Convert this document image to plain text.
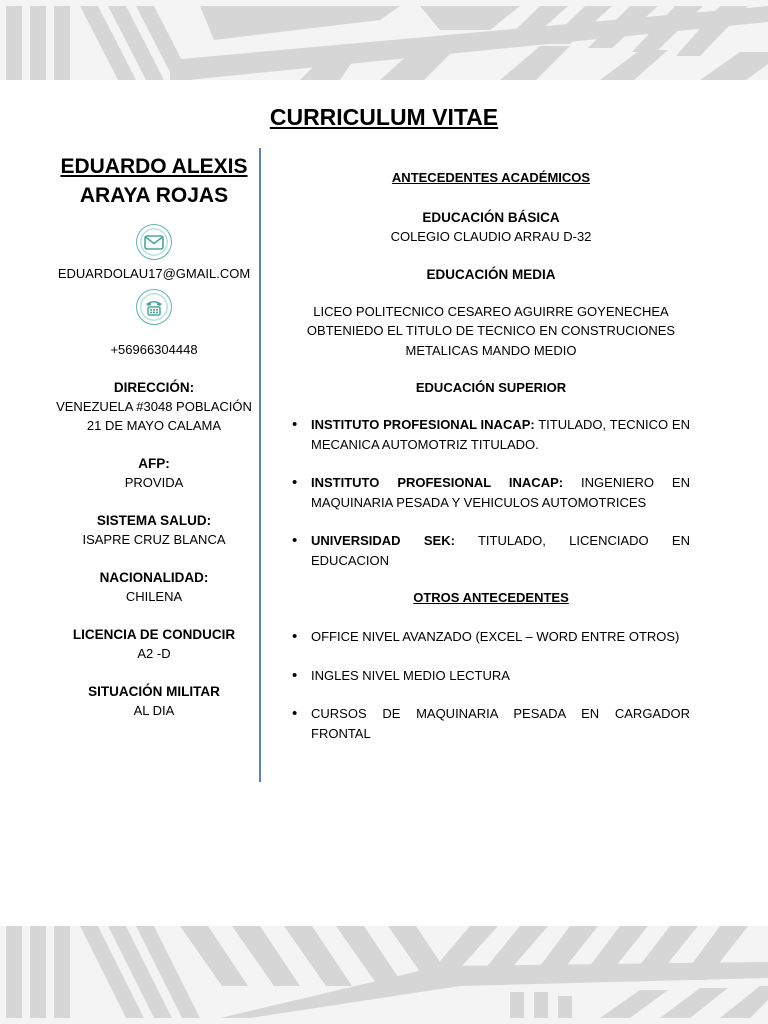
CURRICULUM VITAE
EDUARDO ALEXIS
ARAYA ROJAS
EDUARDOLAU17@GMAIL.COM
+56966304448
DIRECCIÓN:
VENEZUELA #3048 POBLACIÓN 21 DE MAYO CALAMA
AFP:
PROVIDA
SISTEMA SALUD:
ISAPRE CRUZ BLANCA
NACIONALIDAD:
CHILENA
LICENCIA DE CONDUCIR
A2 -D
SITUACIÓN MILITAR
AL DIA
ANTECEDENTES ACADÉMICOS
EDUCACIÓN BÁSICA
COLEGIO CLAUDIO ARRAU D-32
EDUCACIÓN MEDIA
LICEO POLITECNICO CESAREO AGUIRRE GOYENECHEA OBTENIEDO EL TITULO DE TECNICO EN CONSTRUCIONES METALICAS MANDO MEDIO
EDUCACIÓN SUPERIOR
• INSTITUTO PROFESIONAL INACAP: TITULADO, TECNICO EN MECANICA AUTOMOTRIZ TITULADO.
• INSTITUTO PROFESIONAL INACAP: INGENIERO EN MAQUINARIA PESADA Y VEHICULOS AUTOMOTRICES
• UNIVERSIDAD SEK: TITULADO, LICENCIADO EN EDUCACION
OTROS ANTECEDENTES
• OFFICE NIVEL AVANZADO (EXCEL – WORD ENTRE OTROS)
• INGLES NIVEL MEDIO LECTURA
• CURSOS DE MAQUINARIA PESADA EN CARGADOR FRONTAL
